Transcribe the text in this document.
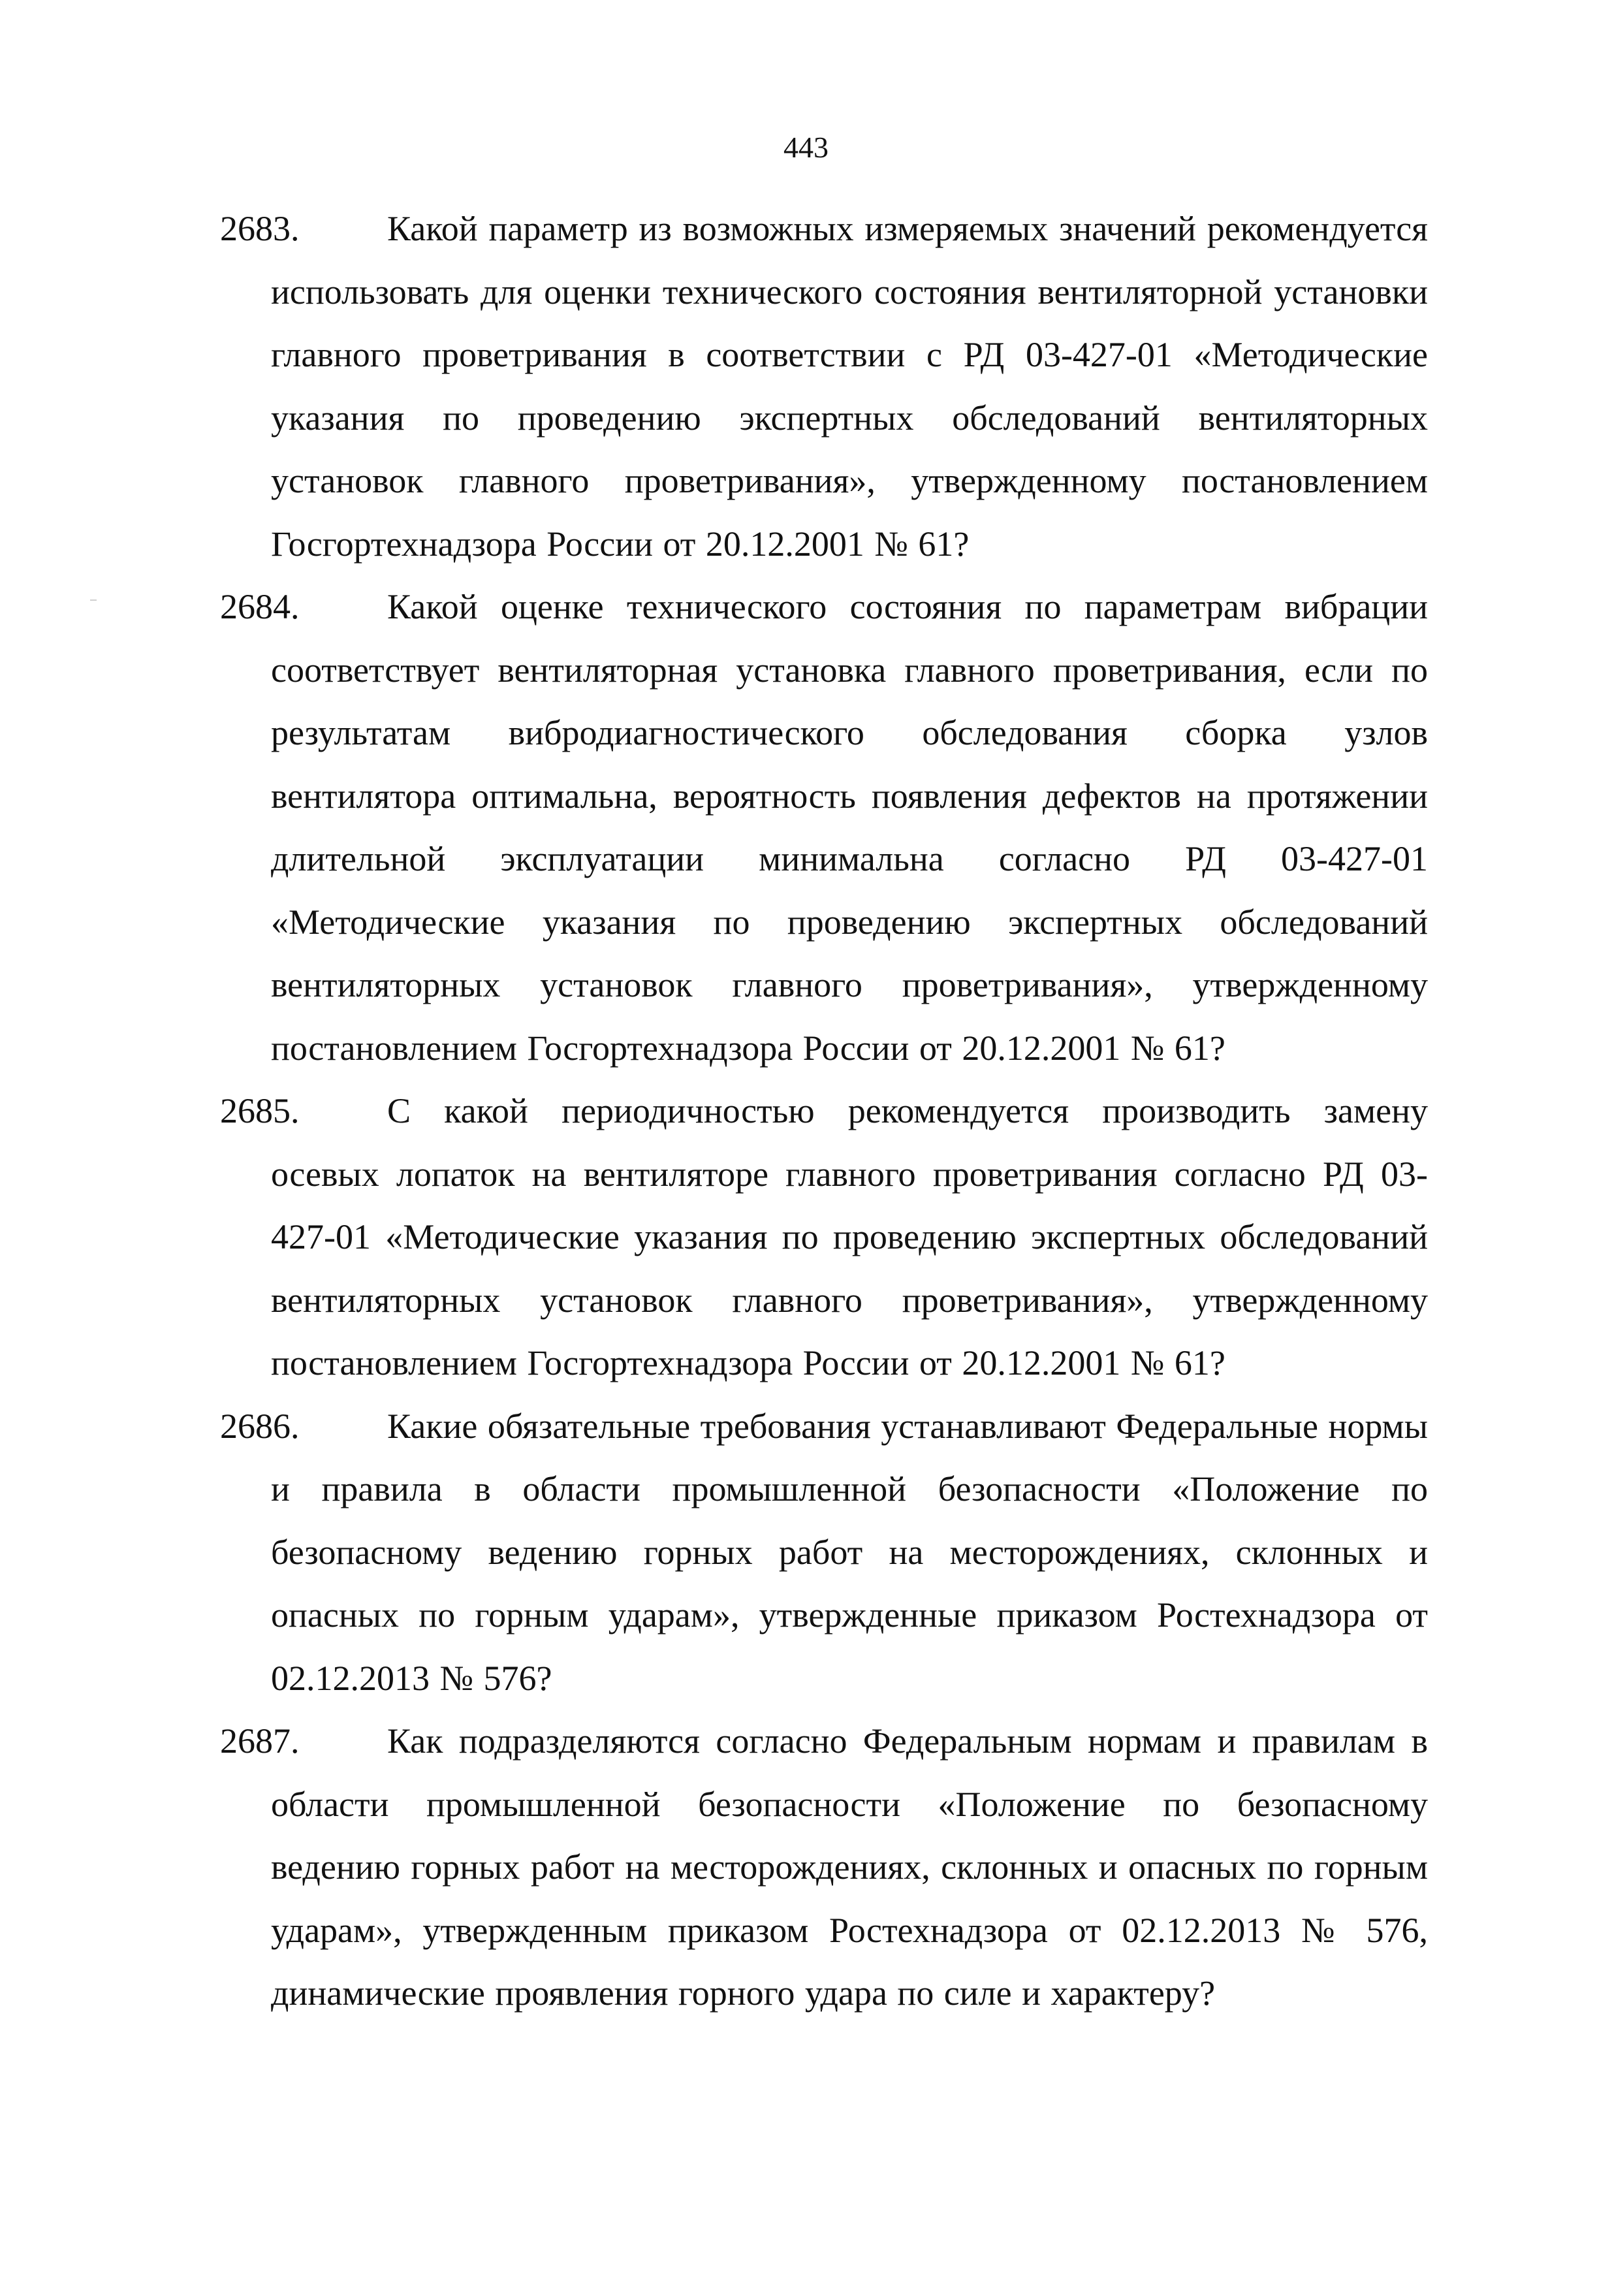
443
2683. Какой параметр из возможных измеряемых значений рекомендуется использовать для оценки технического состояния вентиляторной установки главного проветривания в соответствии с РД 03-427-01 «Методические указания по проведению экспертных обследований вентиляторных установок главного проветривания», утвержденному постановлением Госгортехнадзора России от 20.12.2001 № 61?
2684. Какой оценке технического состояния по параметрам вибрации соответствует вентиляторная установка главного проветривания, если по результатам вибродиагностического обследования сборка узлов вентилятора оптимальна, вероятность появления дефектов на протяжении длительной эксплуатации минимальна согласно РД 03-427-01 «Методические указания по проведению экспертных обследований вентиляторных установок главного проветривания», утвержденному постановлением Госгортехнадзора России от 20.12.2001 № 61?
2685. С какой периодичностью рекомендуется производить замену осевых лопаток на вентиляторе главного проветривания согласно РД 03-427-01 «Методические указания по проведению экспертных обследований вентиляторных установок главного проветривания», утвержденному постановлением Госгортехнадзора России от 20.12.2001 № 61?
2686. Какие обязательные требования устанавливают Федеральные нормы и правила в области промышленной безопасности «Положение по безопасному ведению горных работ на месторождениях, склонных и опасных по горным ударам», утвержденные приказом Ростехнадзора от 02.12.2013 № 576?
2687. Как подразделяются согласно Федеральным нормам и правилам в области промышленной безопасности «Положение по безопасному ведению горных работ на месторождениях, склонных и опасных по горным ударам», утвержденным приказом Ростехнадзора от 02.12.2013 № 576, динамические проявления горного удара по силе и характеру?
